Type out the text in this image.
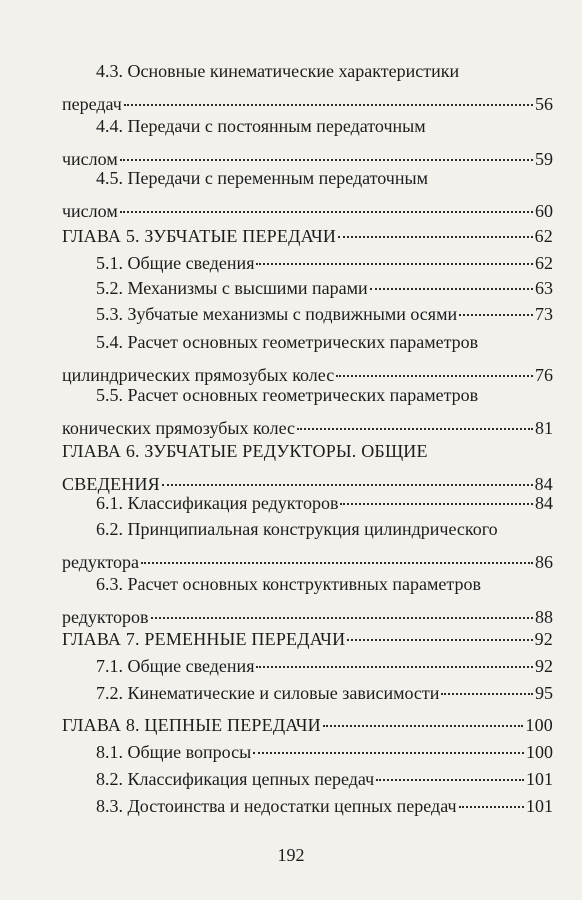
4.3. Основные кинематические характеристики
передач	56
4.4. Передачи с постоянным передаточным
числом	59
4.5. Передачи с переменным передаточным
числом	60
ГЛАВА 5. ЗУБЧАТЫЕ ПЕРЕДАЧИ	62
5.1. Общие сведения	62
5.2. Механизмы с высшими парами	63
5.3. Зубчатые механизмы с подвижными осями	73
5.4. Расчет основных геометрических параметров
цилиндрических прямозубых колес	76
5.5. Расчет основных геометрических параметров
конических прямозубых колес	81
ГЛАВА 6. ЗУБЧАТЫЕ РЕДУКТОРЫ. ОБЩИЕ
СВЕДЕНИЯ	84
6.1. Классификация редукторов	84
6.2. Принципиальная конструкция цилиндрического
редуктора	86
6.3. Расчет основных конструктивных параметров
редукторов	88
ГЛАВА 7. РЕМЕННЫЕ ПЕРЕДАЧИ	92
7.1. Общие сведения	92
7.2. Кинематические и силовые зависимости	95
ГЛАВА 8. ЦЕПНЫЕ ПЕРЕДАЧИ	100
8.1. Общие вопросы	100
8.2. Классификация цепных передач	101
8.3. Достоинства и недостатки цепных передач	101
192
